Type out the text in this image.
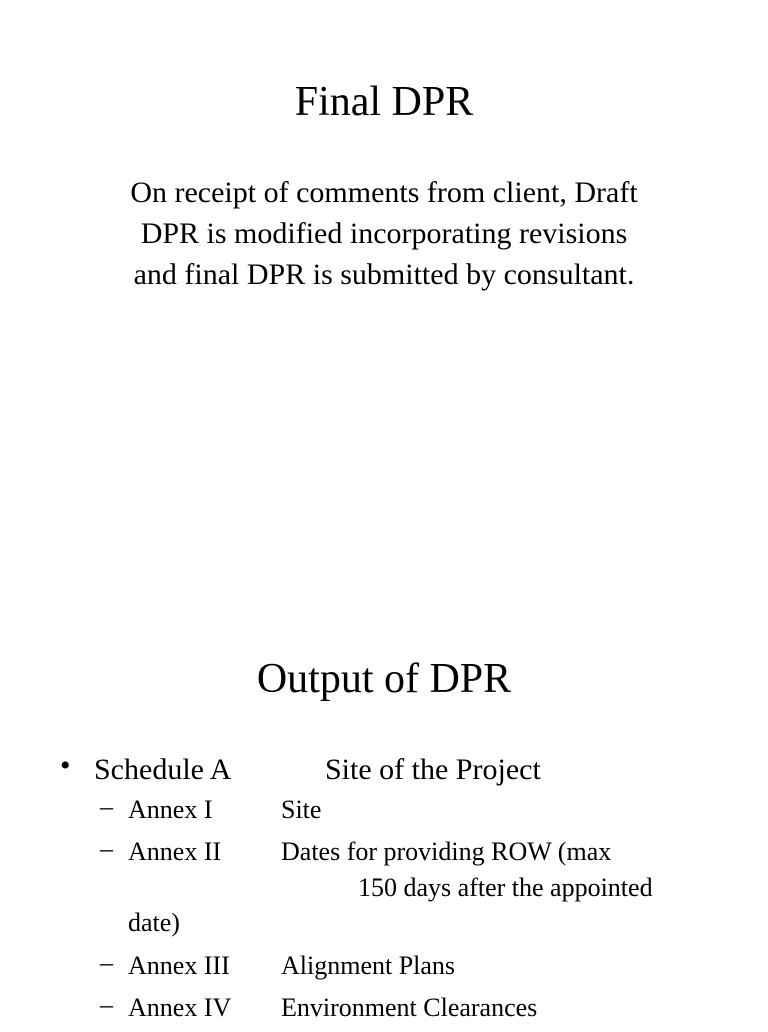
Final DPR
On receipt of comments from client, Draft
DPR is modified incorporating revisions
and final DPR is submitted by consultant.
Output of DPR
• Schedule A	Site of the Project
– Annex I	Site
– Annex II Dates for providing ROW (max
150 days after the appointed
date)
– Annex III Alignment Plans
– Annex IV Environment Clearances
